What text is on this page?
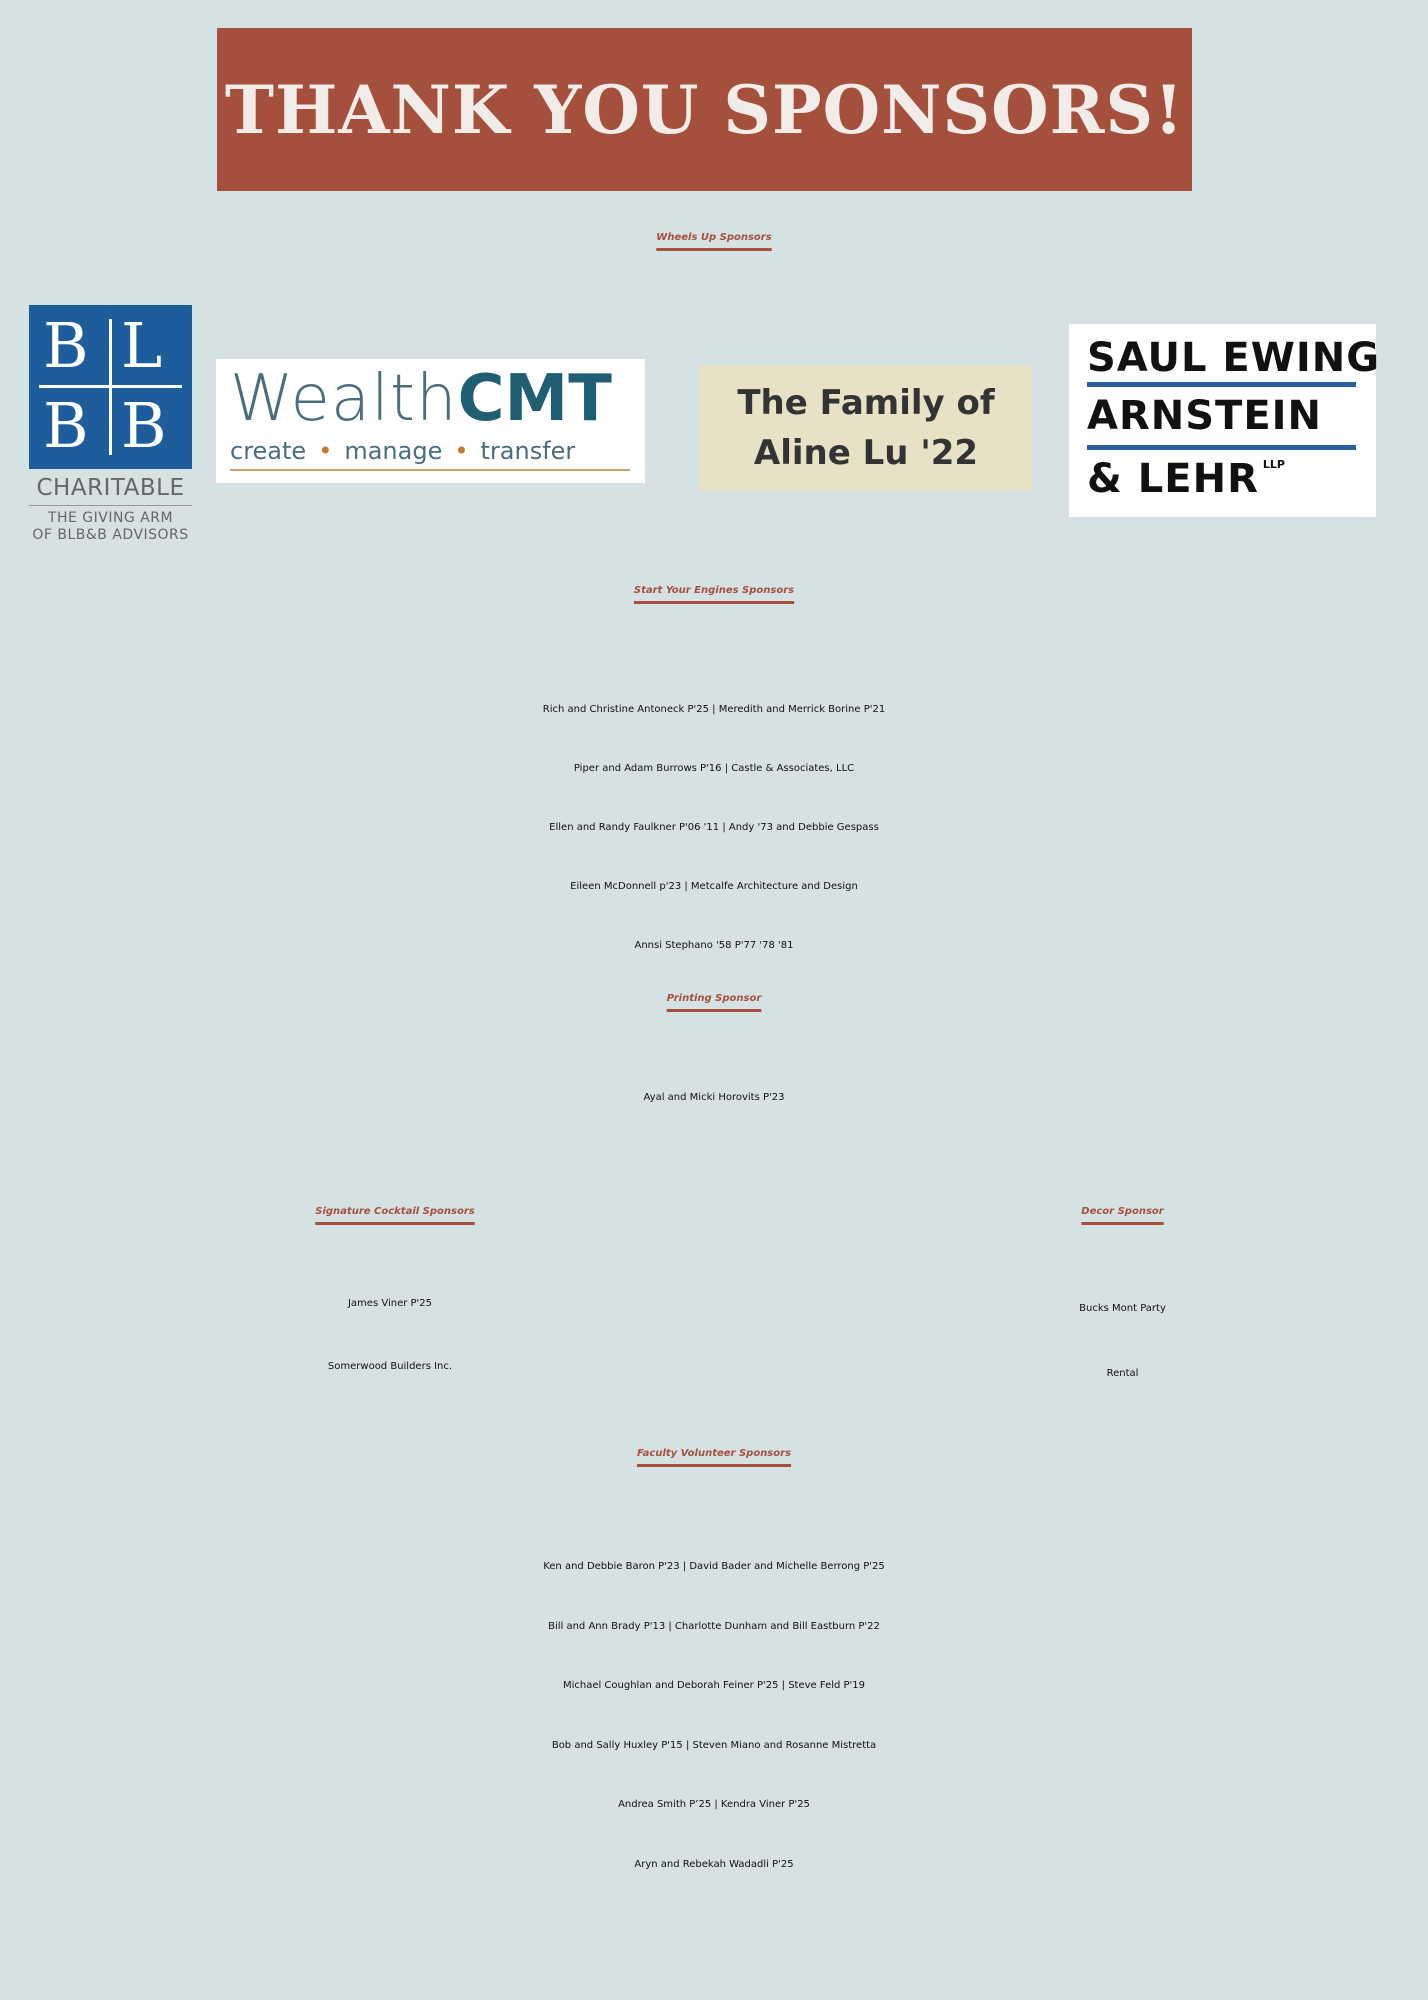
THANK YOU SPONSORS!
Wheels Up Sponsors
B L
B B
CHARITABLE
THE GIVING ARM
OF BLB&B ADVISORS
WealthCMT
create • manage • transfer
The Family of
Aline Lu '22
SAUL EWING
ARNSTEIN
& LEHR $^{LLP}$
Start Your Engines Sponsors
Rich and Christine Antoneck P'25 | Meredith and Merrick Borine P'21
Piper and Adam Burrows P'16 | Castle & Associates, LLC
Ellen and Randy Faulkner P'06 '11 | Andy '73 and Debbie Gespass
Eileen McDonnell p'23 | Metcalfe Architecture and Design
Annsi Stephano '58 P'77 '78 '81
Printing Sponsor
Ayal and Micki Horovits P'23
Signature Cocktail Sponsors
James Viner P'25
Somerwood Builders Inc.
Decor Sponsor
Bucks Mont Party
Rental
Faculty Volunteer Sponsors
Ken and Debbie Baron P'23 | David Bader and Michelle Berrong P'25
Bill and Ann Brady P'13 | Charlotte Dunham and Bill Eastburn P'22
Michael Coughlan and Deborah Feiner P'25 | Steve Feld P'19
Bob and Sally Huxley P'15 | Steven Miano and Rosanne Mistretta
Andrea Smith P’25 | Kendra Viner P'25
Aryn and Rebekah Wadadli P'25
